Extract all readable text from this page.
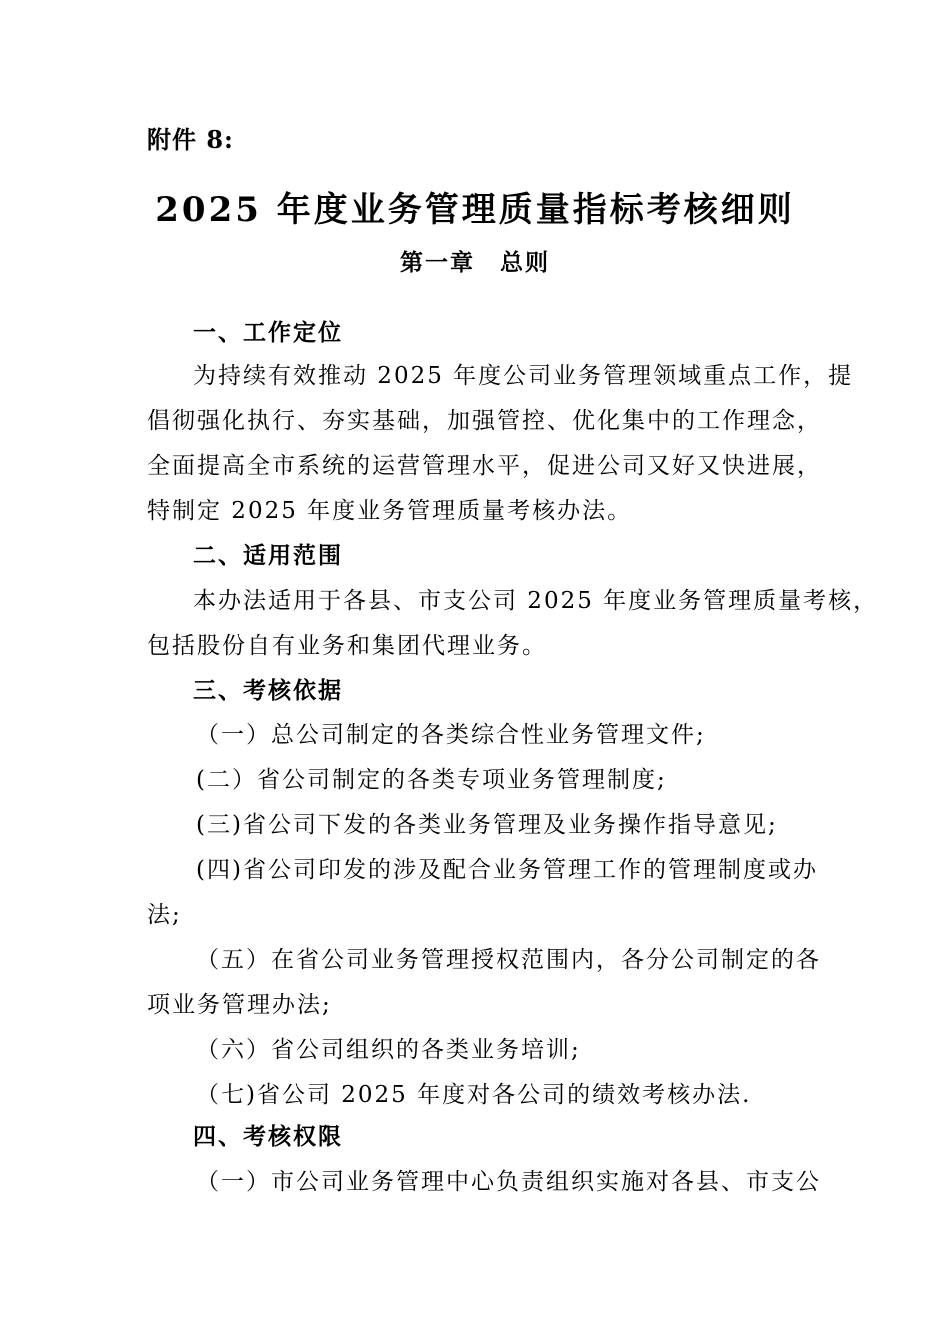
附件 8:
2025 年度业务管理质量指标考核细则
第一章　总则
一、工作定位
为持续有效推动 2025 年度公司业务管理领域重点工作，提
倡彻强化执行、夯实基础，加强管控、优化集中的工作理念，
全面提高全市系统的运营管理水平，促进公司又好又快进展，
特制定 2025 年度业务管理质量考核办法。
二、适用范围
本办法适用于各县、市支公司 2025 年度业务管理质量考核，
包括股份自有业务和集团代理业务。
三、考核依据
（一）总公司制定的各类综合性业务管理文件;
(二）省公司制定的各类专项业务管理制度;
(三)省公司下发的各类业务管理及业务操作指导意见;
(四)省公司印发的涉及配合业务管理工作的管理制度或办
法;
（五）在省公司业务管理授权范围内，各分公司制定的各
项业务管理办法;
（六）省公司组织的各类业务培训;
（七)省公司 2025 年度对各公司的绩效考核办法.
四、考核权限
（一）市公司业务管理中心负责组织实施对各县、市支公
